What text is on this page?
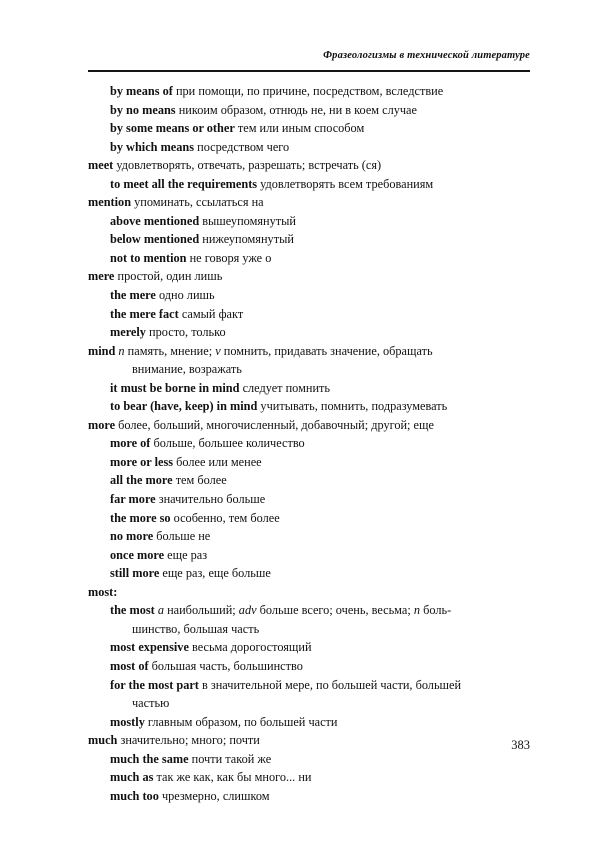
Фразеологизмы в технической литературе
by means of при помощи, по причине, посредством, вследствие
by no means никоим образом, отнюдь не, ни в коем случае
by some means or other тем или иным способом
by which means посредством чего
meet удовлетворять, отвечать, разрешать; встречать (ся)
to meet all the requirements удовлетворять всем требованиям
mention упоминать, ссылаться на
above mentioned вышеупомянутый
below mentioned нижеупомянутый
not to mention не говоря уже о
mere простой, один лишь
the mere одно лишь
the mere fact самый факт
merely просто, только
mind n память, мнение; v помнить, придавать значение, обращать
внимание, возражать
it must be borne in mind следует помнить
to bear (have, keep) in mind учитывать, помнить, подразумевать
more более, больший, многочисленный, добавочный; другой; еще
more of больше, большее количество
more or less более или менее
all the more тем более
far more значительно больше
the more so особенно, тем более
no more больше не
once more еще раз
still more еще раз, еще больше
most:
the most a наибольший; adv больше всего; очень, весьма; n боль-
шинство, большая часть
most expensive весьма дорогостоящий
most of большая часть, большинство
for the most part в значительной мере, по большей части, большей
частью
mostly главным образом, по большей части
much значительно; много; почти
much the same почти такой же
much as так же как, как бы много... ни
much too чрезмерно, слишком
383
